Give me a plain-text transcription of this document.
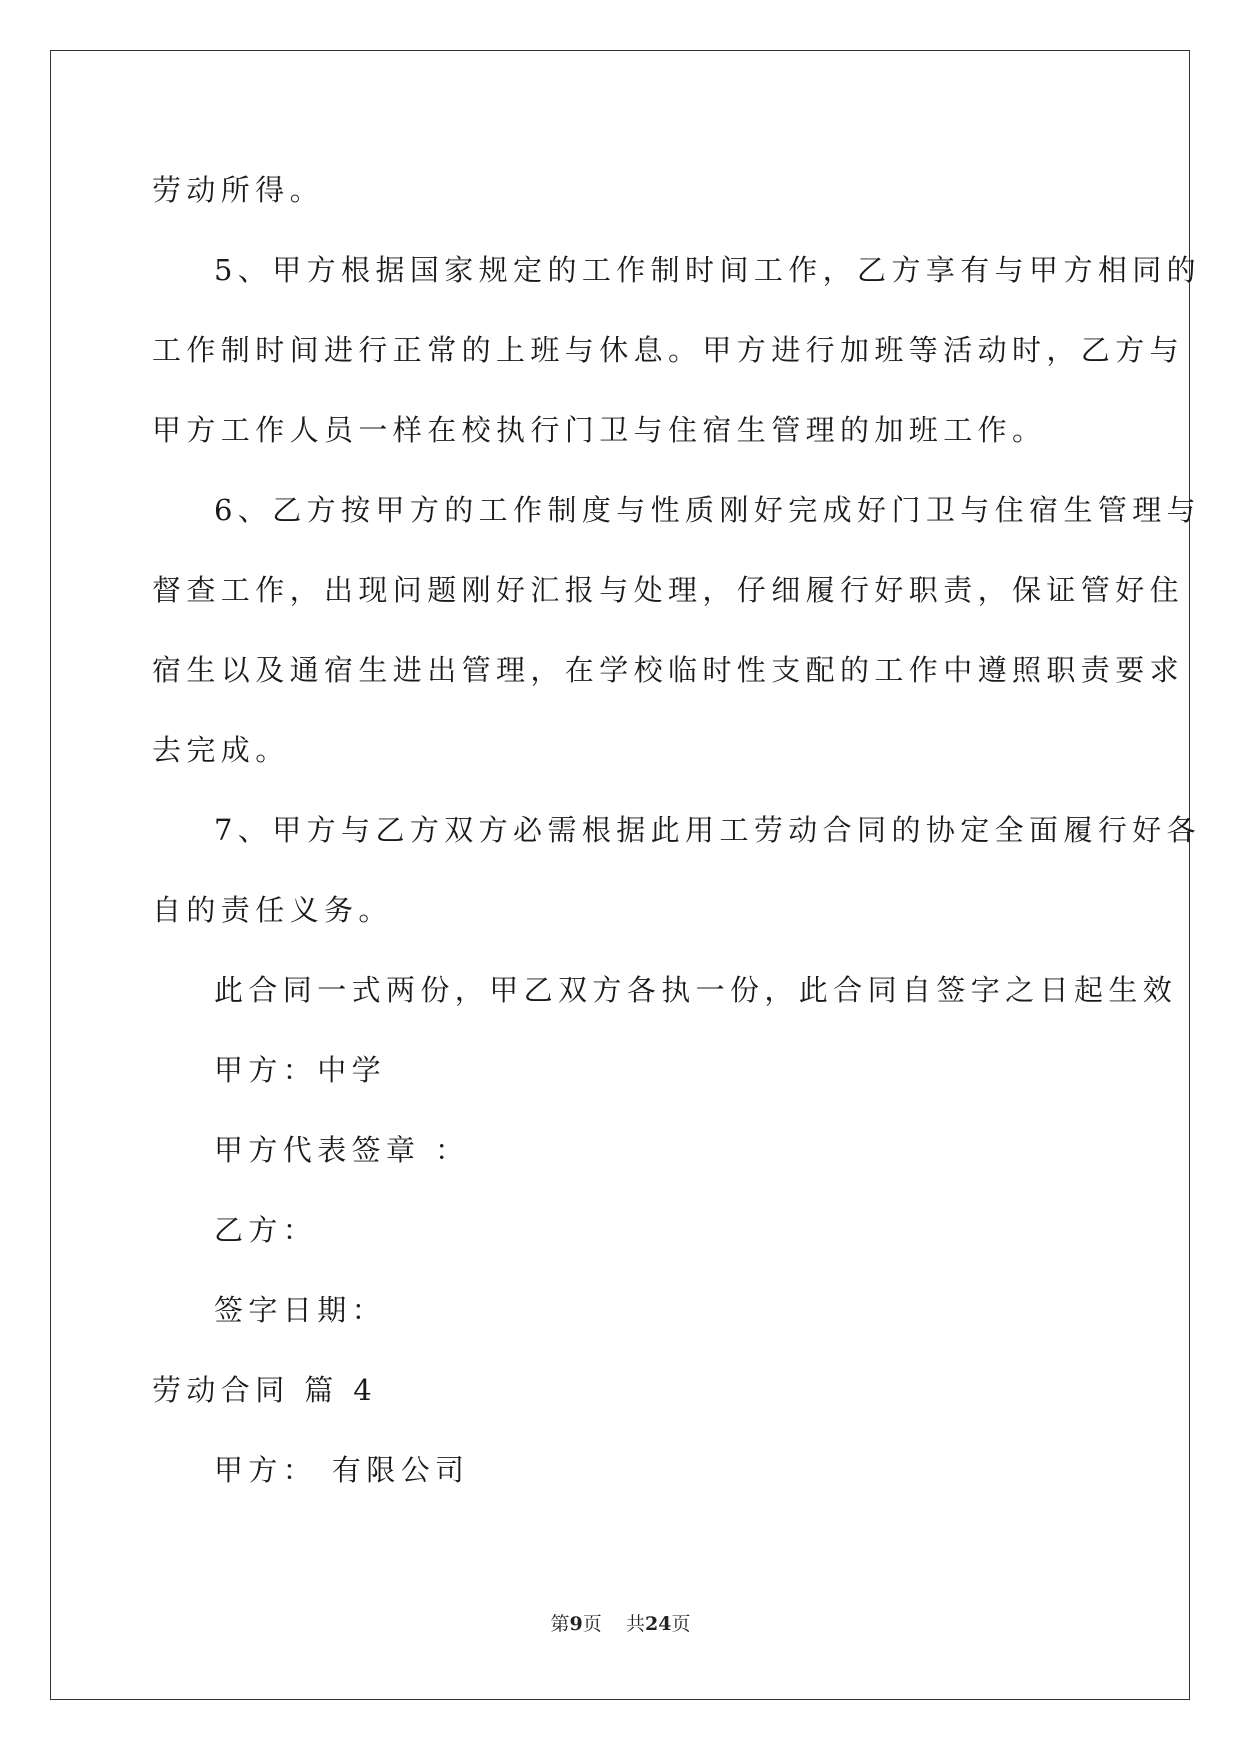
劳动所得。
5、甲方根据国家规定的工作制时间工作，乙方享有与甲方相同的
工作制时间进行正常的上班与休息。甲方进行加班等活动时，乙方与
甲方工作人员一样在校执行门卫与住宿生管理的加班工作。
6、乙方按甲方的工作制度与性质刚好完成好门卫与住宿生管理与
督查工作，出现问题刚好汇报与处理，仔细履行好职责，保证管好住
宿生以及通宿生进出管理，在学校临时性支配的工作中遵照职责要求
去完成。
7、甲方与乙方双方必需根据此用工劳动合同的协定全面履行好各
自的责任义务。
此合同一式两份，甲乙双方各执一份，此合同自签字之日起生效
甲方：中学
甲方代表签章 ：
乙方：
签字日期：
劳动合同 篇 4
甲方： 有限公司
第9页 共24页
